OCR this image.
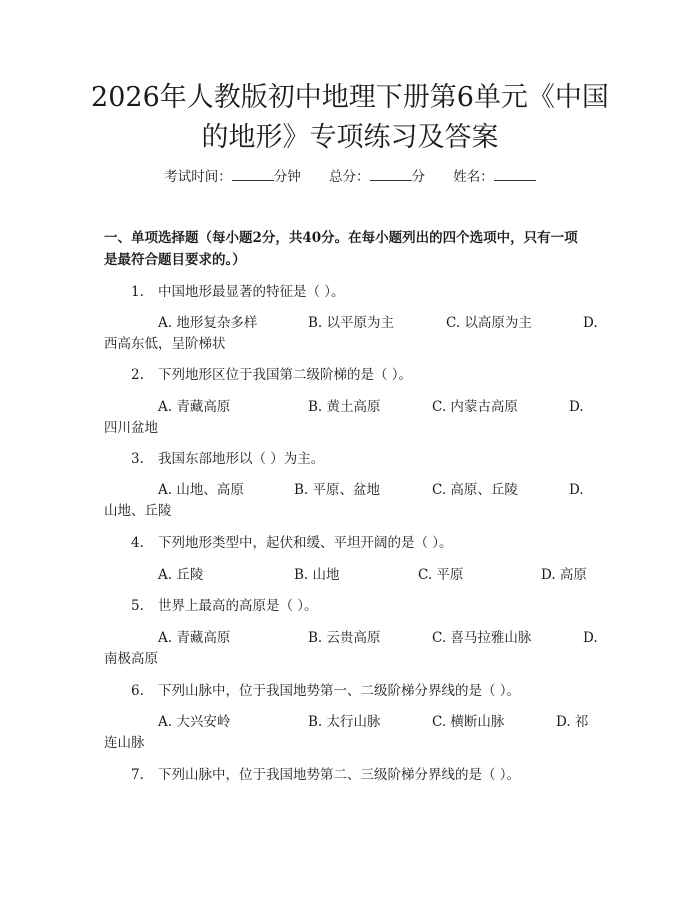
2026年人教版初中地理下册第6单元《中国
的地形》专项练习及答案
考试时间：	分钟 总分：	分 姓名：
一、单项选择题（每小题2分，共40分。在每小题列出的四个选项中，只有一项
是最符合题目要求的。）
1. 中国地形最显著的特征是（ ）。
A. 地形复杂多样	B. 以平原为主	C. 以高原为主	D.
西高东低，呈阶梯状
2. 下列地形区位于我国第二级阶梯的是（ ）。
A. 青藏高原	B. 黄土高原	C. 内蒙古高原	D.
四川盆地
3. 我国东部地形以（ ）为主。
A. 山地、高原	B. 平原、盆地	C. 高原、丘陵	D.
山地、丘陵
4. 下列地形类型中，起伏和缓、平坦开阔的是（ ）。
A. 丘陵	B. 山地	C. 平原	D. 高原
5. 世界上最高的高原是（ ）。
A. 青藏高原	B. 云贵高原	C. 喜马拉雅山脉	D.
南极高原
6. 下列山脉中，位于我国地势第一、二级阶梯分界线的是（ ）。
A. 大兴安岭	B. 太行山脉	C. 横断山脉	D. 祁
连山脉
7. 下列山脉中，位于我国地势第二、三级阶梯分界线的是（ ）。
